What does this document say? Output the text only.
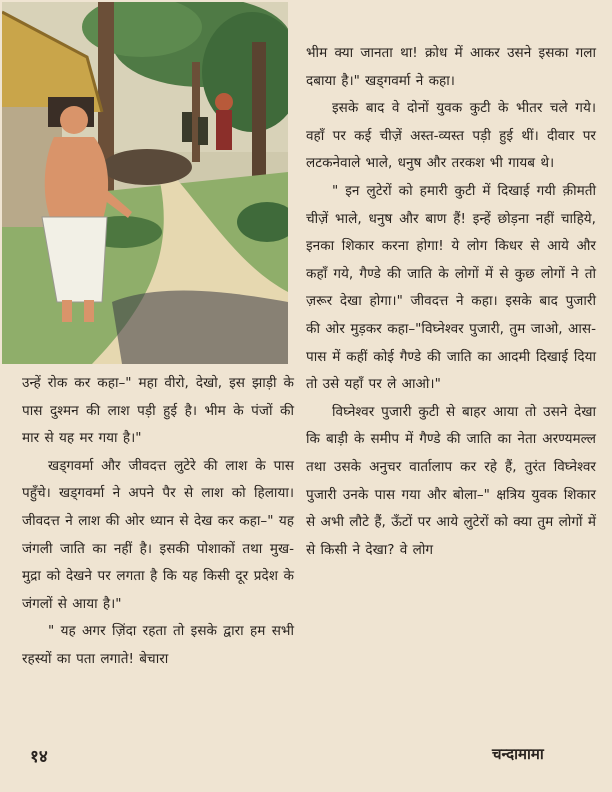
भीम क्या जानता था! क्रोध में आकर उसने इसका गला दबाया है।" खड्गवर्मा ने कहा।

इसके बाद वे दोनों युवक कुटी के भीतर चले गये। वहाँ पर कई चीज़ें अस्त-व्यस्त पड़ी हुई थीं। दीवार पर लटकनेवाले भाले, धनुष और तरकश भी गायब थे।

" इन लुटेरों को हमारी कुटी में दिखाई गयी क़ीमती चीज़ें भाले, धनुष और बाण हैं! इन्हें छोड़ना नहीं चाहिये, इनका शिकार करना होगा! ये लोग किधर से आये और कहाँ गये, गैण्डे की जाति के लोगों में से कुछ लोगों ने तो ज़रूर देखा होगा।" जीवदत्त ने कहा। इसके बाद पुजारी की ओर मुड़कर कहा–"विघ्नेश्वर पुजारी, तुम जाओ, आस-पास में कहीं कोई गैण्डे की जाति का आदमी दिखाई दिया तो उसे यहाँ पर ले आओ।"

विघ्नेश्वर पुजारी कुटी से बाहर आया तो उसने देखा कि बाड़ी के समीप में गैण्डे की जाति का नेता अरण्यमल्ल तथा उसके अनुचर वार्तालाप कर रहे हैं, तुरंत विघ्नेश्वर पुजारी उनके पास गया और बोला–" क्षत्रिय युवक शिकार से अभी लौटे हैं, ऊँटों पर आये लुटेरों को क्या तुम लोगों में से किसी ने देखा? वे लोग

उन्हें रोक कर कहा–" महा वीरो, देखो, इस झाड़ी के पास दुश्मन की लाश पड़ी हुई है। भीम के पंजों की मार से यह मर गया है।"

खड्गवर्मा और जीवदत्त लुटेरे की लाश के पास पहुँचे। खड्गवर्मा ने अपने पैर से लाश को हिलाया। जीवदत्त ने लाश की ओर ध्यान से देख कर कहा–" यह जंगली जाति का नहीं है। इसकी पोशाकों तथा मुख-मुद्रा को देखने पर लगता है कि यह किसी दूर प्रदेश के जंगलों से आया है।"

" यह अगर ज़िंदा रहता तो इसके द्वारा हम सभी रहस्यों का पता लगाते! बेचारा

१४	चन्दामामा
